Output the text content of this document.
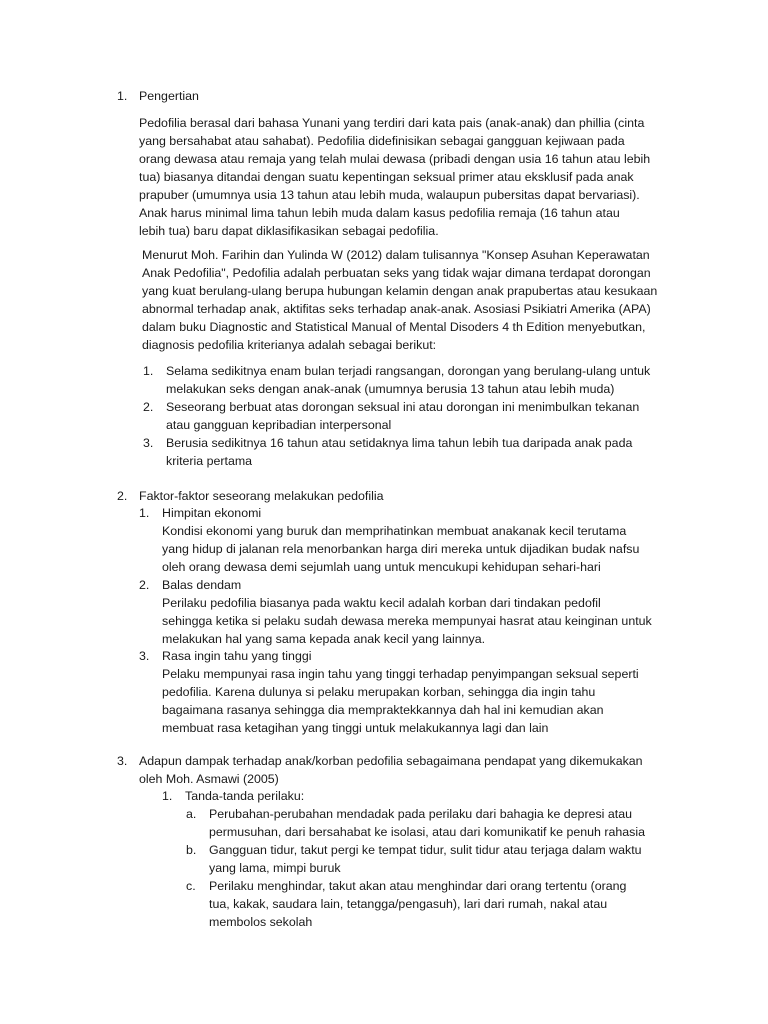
1. Pengertian
Pedofilia berasal dari bahasa Yunani yang terdiri dari kata pais (anak-anak) dan phillia (cinta
yang bersahabat atau sahabat). Pedofilia didefinisikan sebagai gangguan kejiwaan pada
orang dewasa atau remaja yang telah mulai dewasa (pribadi dengan usia 16 tahun atau lebih
tua) biasanya ditandai dengan suatu kepentingan seksual primer atau eksklusif pada anak
prapuber (umumnya usia 13 tahun atau lebih muda, walaupun pubersitas dapat bervariasi).
Anak harus minimal lima tahun lebih muda dalam kasus pedofilia remaja (16 tahun atau
lebih tua) baru dapat diklasifikasikan sebagai pedofilia.
Menurut Moh. Farihin dan Yulinda W (2012) dalam tulisannya "Konsep Asuhan Keperawatan
Anak Pedofilia", Pedofilia adalah perbuatan seks yang tidak wajar dimana terdapat dorongan
yang kuat berulang-ulang berupa hubungan kelamin dengan anak prapubertas atau kesukaan
abnormal terhadap anak, aktifitas seks terhadap anak-anak. Asosiasi Psikiatri Amerika (APA)
dalam buku Diagnostic and Statistical Manual of Mental Disoders 4 th Edition menyebutkan,
diagnosis pedofilia kriterianya adalah sebagai berikut:
1. Selama sedikitnya enam bulan terjadi rangsangan, dorongan yang berulang-ulang untuk
melakukan seks dengan anak-anak (umumnya berusia 13 tahun atau lebih muda)
2. Seseorang berbuat atas dorongan seksual ini atau dorongan ini menimbulkan tekanan
atau gangguan kepribadian interpersonal
3. Berusia sedikitnya 16 tahun atau setidaknya lima tahun lebih tua daripada anak pada
kriteria pertama
2. Faktor-faktor seseorang melakukan pedofilia
1. Himpitan ekonomi
Kondisi ekonomi yang buruk dan memprihatinkan membuat anakanak kecil terutama
yang hidup di jalanan rela menorbankan harga diri mereka untuk dijadikan budak nafsu
oleh orang dewasa demi sejumlah uang untuk mencukupi kehidupan sehari-hari
2. Balas dendam
Perilaku pedofilia biasanya pada waktu kecil adalah korban dari tindakan pedofil
sehingga ketika si pelaku sudah dewasa mereka mempunyai hasrat atau keinginan untuk
melakukan hal yang sama kepada anak kecil yang lainnya.
3. Rasa ingin tahu yang tinggi
Pelaku mempunyai rasa ingin tahu yang tinggi terhadap penyimpangan seksual seperti
pedofilia. Karena dulunya si pelaku merupakan korban, sehingga dia ingin tahu
bagaimana rasanya sehingga dia mempraktekkannya dah hal ini kemudian akan
membuat rasa ketagihan yang tinggi untuk melakukannya lagi dan lain
3. Adapun dampak terhadap anak/korban pedofilia sebagaimana pendapat yang dikemukakan
oleh Moh. Asmawi (2005)
1. Tanda-tanda perilaku:
a. Perubahan-perubahan mendadak pada perilaku dari bahagia ke depresi atau
permusuhan, dari bersahabat ke isolasi, atau dari komunikatif ke penuh rahasia
b. Gangguan tidur, takut pergi ke tempat tidur, sulit tidur atau terjaga dalam waktu
yang lama, mimpi buruk
c. Perilaku menghindar, takut akan atau menghindar dari orang tertentu (orang
tua, kakak, saudara lain, tetangga/pengasuh), lari dari rumah, nakal atau
membolos sekolah
